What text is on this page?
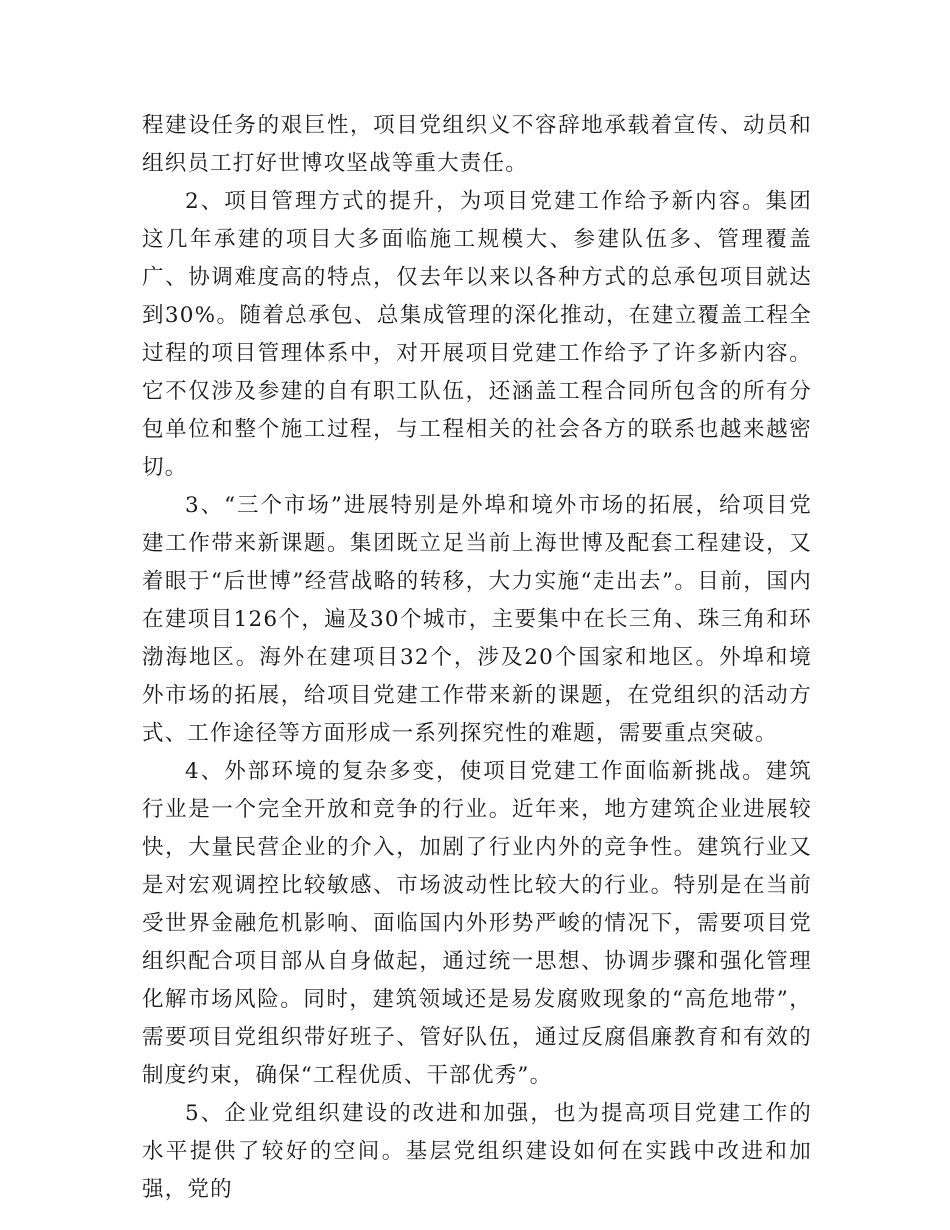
程建设任务的艰巨性，项目党组织义不容辞地承载着宣传、动员和组织员工打好世博攻坚战等重大责任。

2、项目管理方式的提升，为项目党建工作给予新内容。集团这几年承建的项目大多面临施工规模大、参建队伍多、管理覆盖广、协调难度高的特点，仅去年以来以各种方式的总承包项目就达到30%。随着总承包、总集成管理的深化推动，在建立覆盖工程全过程的项目管理体系中，对开展项目党建工作给予了许多新内容。它不仅涉及参建的自有职工队伍，还涵盖工程合同所包含的所有分包单位和整个施工过程，与工程相关的社会各方的联系也越来越密切。

3、“三个市场”进展特别是外埠和境外市场的拓展，给项目党建工作带来新课题。集团既立足当前上海世博及配套工程建设，又着眼于“后世博”经营战略的转移，大力实施“走出去”。目前，国内在建项目126个，遍及30个城市，主要集中在长三角、珠三角和环渤海地区。海外在建项目32个，涉及20个国家和地区。外埠和境外市场的拓展，给项目党建工作带来新的课题，在党组织的活动方式、工作途径等方面形成一系列探究性的难题，需要重点突破。

4、外部环境的复杂多变，使项目党建工作面临新挑战。建筑行业是一个完全开放和竞争的行业。近年来，地方建筑企业进展较快，大量民营企业的介入，加剧了行业内外的竞争性。建筑行业又是对宏观调控比较敏感、市场波动性比较大的行业。特别是在当前受世界金融危机影响、面临国内外形势严峻的情况下，需要项目党组织配合项目部从自身做起，通过统一思想、协调步骤和强化管理化解市场风险。同时，建筑领域还是易发腐败现象的“高危地带”，需要项目党组织带好班子、管好队伍，通过反腐倡廉教育和有效的制度约束，确保“工程优质、干部优秀”。

5、企业党组织建设的改进和加强，也为提高项目党建工作的水平提供了较好的空间。基层党组织建设如何在实践中改进和加强，党的
